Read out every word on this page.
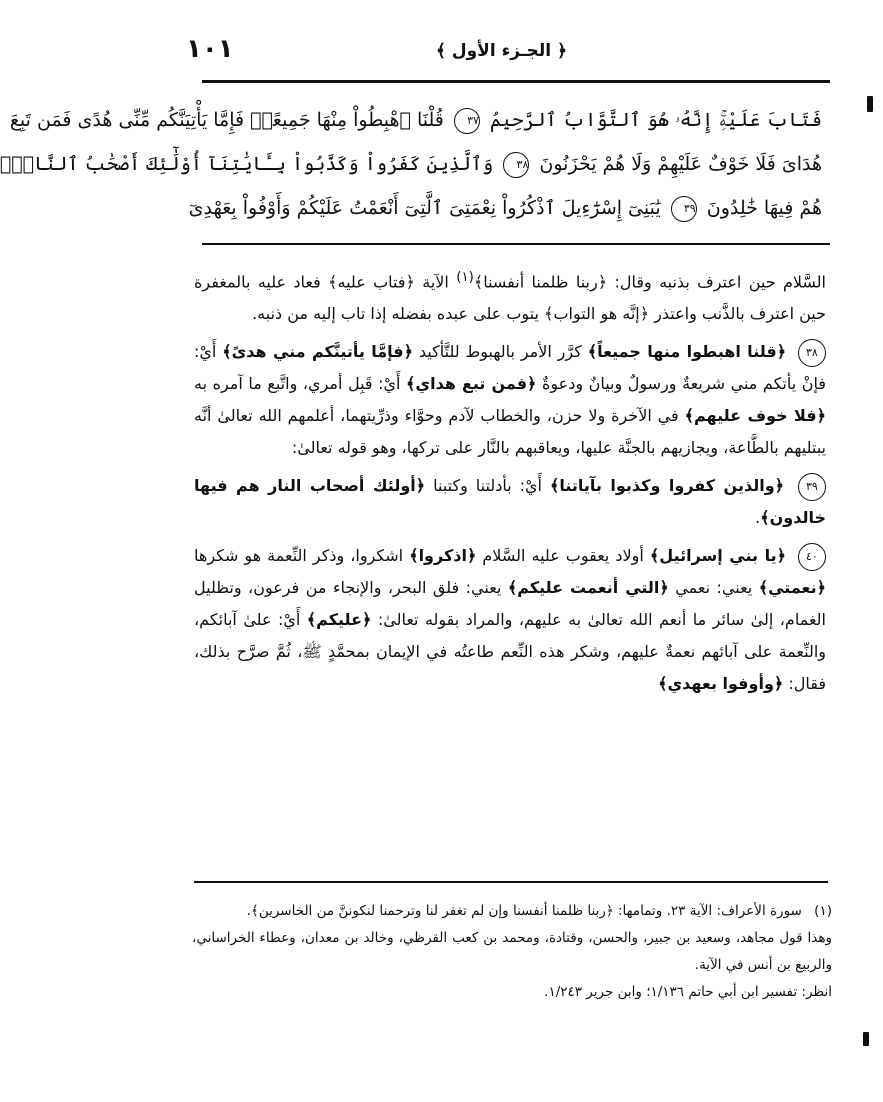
١٠١	﴿ الجـزء الأول ﴾
فَتَابَ عَلَيْهِۚ إِنَّهُۥ هُوَ ٱلتَّوَّابُ ٱلرَّحِيمُ ٣٧ قُلْنَا ٱهْبِطُواْ مِنْهَا جَمِيعًاۖ فَإِمَّا يَأْتِيَنَّكُم مِّنِّى هُدًى فَمَن تَبِعَ
هُدَاىَ فَلَا خَوْفٌ عَلَيْهِمْ وَلَا هُمْ يَحْزَنُونَ ٣٨ وَٱلَّذِينَ كَفَرُواْ وَكَذَّبُواْ بِـَٔايَٰتِنَآ أُوْلَٰٓئِكَ أَصْحَٰبُ ٱلنَّارِۖ
هُمْ فِيهَا خَٰلِدُونَ ٣٩ يَٰبَنِىٓ إِسْرَٰٓءِيلَ ٱذْكُرُواْ نِعْمَتِىَ ٱلَّتِىٓ أَنْعَمْتُ عَلَيْكُمْ وَأَوْفُواْ بِعَهْدِىٓ

السَّلام حين اعترف بذنبه وقال: ﴿ربنا ظلمنا أنفسنا﴾$^{(١)}$ الآية ﴿فتاب عليه﴾ فعاد عليه بالمغفرة حين اعترف بالذَّنب واعتذر ﴿إنَّه هو التواب﴾ يتوب على عبده بفضله إذا تاب إليه من ذنبه.

٣٨ ﴿قلنا اهبطوا منها جميعاً﴾ كرَّر الأمر بالهبوط للتَّأكيد ﴿فإمَّا يأتينَّكم مني هدىً﴾ أَيْ: فإنْ يأتكم مني شريعةٌ ورسولٌ وبيانٌ ودعوةٌ ﴿فمن تبع هداي﴾ أَيْ: قَبِل أمري، واتَّبع ما آمره به ﴿فلا خوف عليهم﴾ في الآخرة ولا حزن، والخطاب لآدم وحوَّاء وذرِّيتهما، أعلمهم الله تعالىٰ أنَّه يبتليهم بالطَّاعة، ويجازيهم بالجنَّة عليها، ويعاقبهم بالنَّار على تركها، وهو قوله تعالىٰ:

٣٩ ﴿والذين كفروا وكذبوا بآياتنا﴾ أَيْ: بأدلتنا وكتبنا ﴿أولئك أصحاب النار هم فيها خالدون﴾.

٤٠ ﴿يا بني إسرائيل﴾ أولاد يعقوب عليه السَّلام ﴿اذكروا﴾ اشكروا، وذكر النِّعمة هو شكرها ﴿نعمتي﴾ يعني: نعمي ﴿التي أنعمت عليكم﴾ يعني: فلق البحر، والإنجاء من فرعون، وتظليل الغمام، إلىٰ سائر ما أنعم الله تعالىٰ به عليهم، والمراد بقوله تعالىٰ: ﴿عليكم﴾ أَيْ: علىٰ آبائكم، والنِّعمة على آبائهم نعمةٌ عليهم، وشكر هذه النِّعم طاعتُه في الإيمان بمحمَّدٍ ﷺ، ثُمَّ صرَّح بذلك، فقال: ﴿وأوفوا بعهدي﴾

(١) سورة الأعراف: الآية ٢٣. وتمامها: ﴿ربنا ظلمنا أنفسنا وإن لم تغفر لنا وترحمنا لنكوننَّ من الخاسرين﴾.

وهذا قول مجاهد، وسعيد بن جبير، والحسن، وقتادة، ومحمد بن كعب القرظي، وخالد بن معدان، وعطاء الخراساني، والربيع بن أنس في الآية.

انظر: تفسير ابن أبي حاتم ١/١٣٦؛ وابن جرير ١/٢٤٣.
